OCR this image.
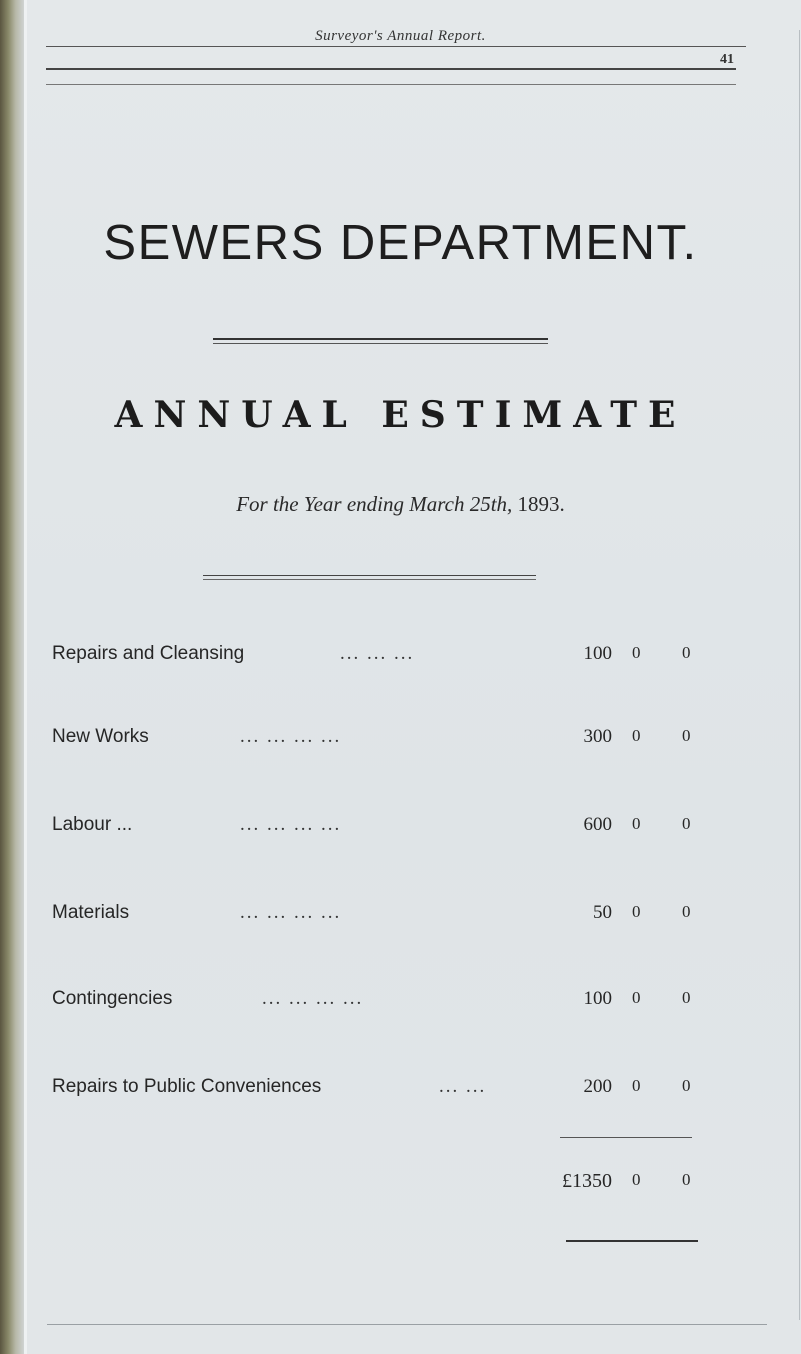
Surveyor's Annual Report.
41
SEWERS DEPARTMENT.
ANNUAL ESTIMATE
For the Year ending March 25th, 1893.
Repairs and Cleansing	... ... ...	100 0 0
New Works	... ... ... ...	300 0 0
Labour ...	... ... ... ...	600 0 0
Materials	... ... ... ...	50 0 0
Contingencies	... ... ... ...	100 0 0
Repairs to Public Conveniences	... ...	200 0 0
£1350 0 0
